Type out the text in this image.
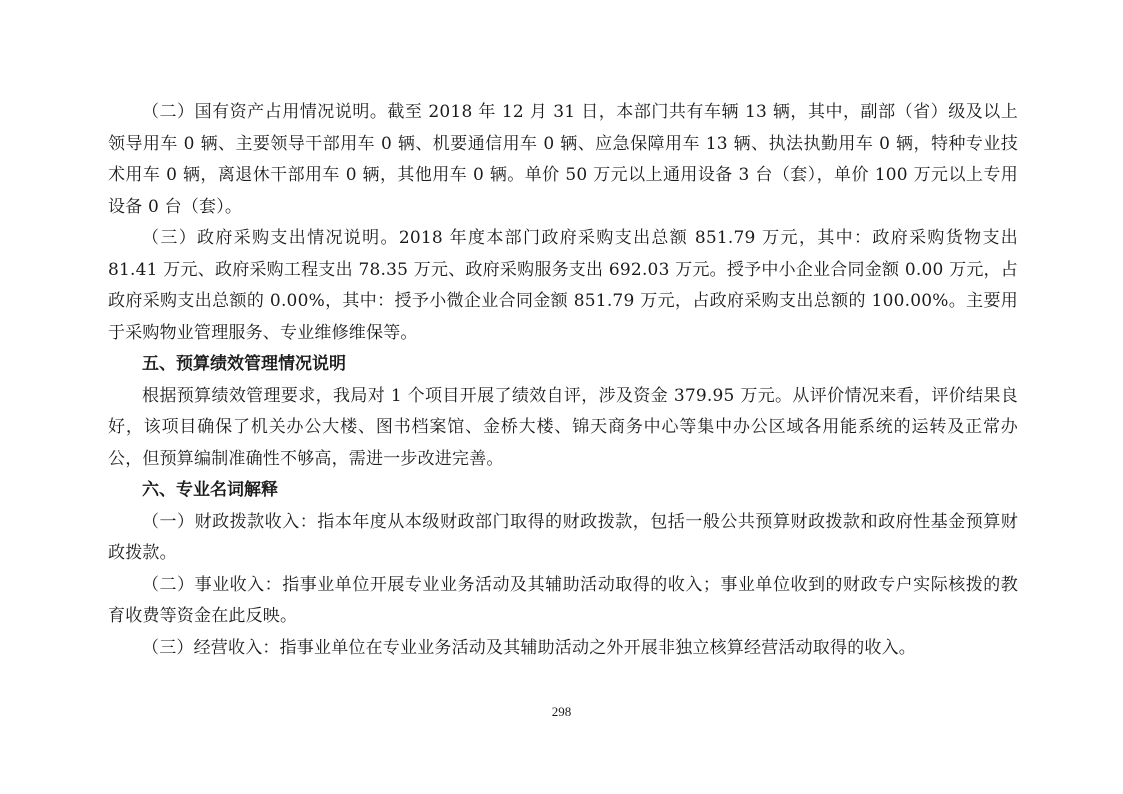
（二）国有资产占用情况说明。截至 2018 年 12 月 31 日，本部门共有车辆 13 辆，其中，副部（省）级及以上领导用车 0 辆、主要领导干部用车 0 辆、机要通信用车 0 辆、应急保障用车 13 辆、执法执勤用车 0 辆，特种专业技术用车 0 辆，离退休干部用车 0 辆，其他用车 0 辆。单价 50 万元以上通用设备 3 台（套），单价 100 万元以上专用设备 0 台（套）。

（三）政府采购支出情况说明。2018 年度本部门政府采购支出总额 851.79 万元，其中：政府采购货物支出 81.41 万元、政府采购工程支出 78.35 万元、政府采购服务支出 692.03 万元。授予中小企业合同金额 0.00 万元，占政府采购支出总额的 0.00%，其中：授予小微企业合同金额 851.79 万元，占政府采购支出总额的 100.00%。主要用于采购物业管理服务、专业维修维保等。

五、预算绩效管理情况说明

根据预算绩效管理要求，我局对 1 个项目开展了绩效自评，涉及资金 379.95 万元。从评价情况来看，评价结果良好，该项目确保了机关办公大楼、图书档案馆、金桥大楼、锦天商务中心等集中办公区域各用能系统的运转及正常办公，但预算编制准确性不够高，需进一步改进完善。

六、专业名词解释

（一）财政拨款收入：指本年度从本级财政部门取得的财政拨款，包括一般公共预算财政拨款和政府性基金预算财政拨款。

（二）事业收入：指事业单位开展专业业务活动及其辅助活动取得的收入；事业单位收到的财政专户实际核拨的教育收费等资金在此反映。

（三）经营收入：指事业单位在专业业务活动及其辅助活动之外开展非独立核算经营活动取得的收入。

298
